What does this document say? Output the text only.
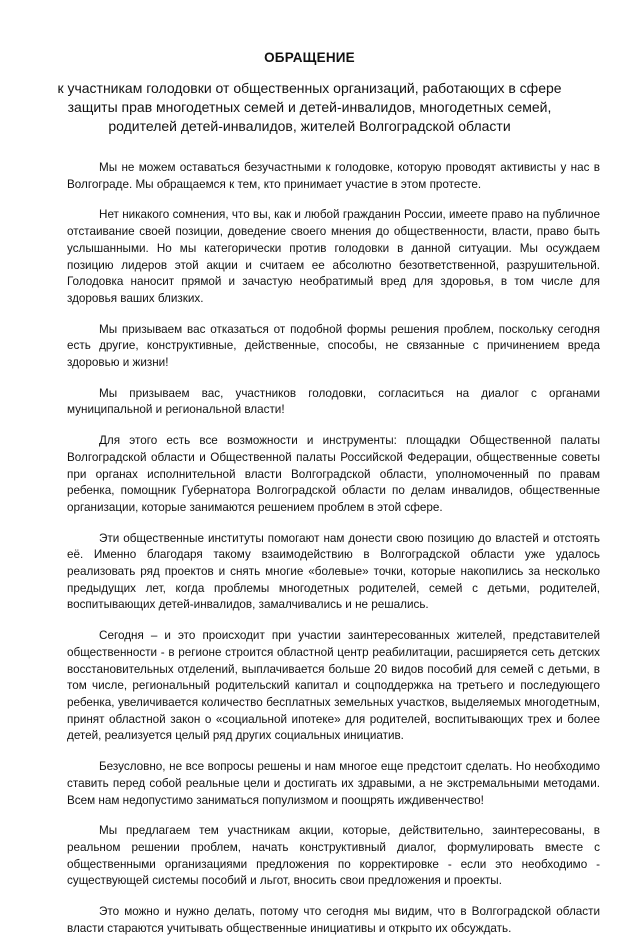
ОБРАЩЕНИЕ
к участникам голодовки от общественных организаций, работающих в сфере защиты прав многодетных семей и детей-инвалидов, многодетных семей, родителей детей-инвалидов, жителей Волгоградской области

Мы не можем оставаться безучастными к голодовке, которую проводят активисты у нас в Волгограде. Мы обращаемся к тем, кто принимает участие в этом протесте.

Нет никакого сомнения, что вы, как и любой гражданин России, имеете право на публичное отстаивание своей позиции, доведение своего мнения до общественности, власти, право быть услышанными. Но мы категорически против голодовки в данной ситуации. Мы осуждаем позицию лидеров этой акции и считаем ее абсолютно безответственной, разрушительной. Голодовка наносит прямой и зачастую необратимый вред для здоровья, в том числе для здоровья ваших близких.

Мы призываем вас отказаться от подобной формы решения проблем, поскольку сегодня есть другие, конструктивные, действенные, способы, не связанные с причинением вреда здоровью и жизни!

Мы призываем вас, участников голодовки, согласиться на диалог с органами муниципальной и региональной власти!

Для этого есть все возможности и инструменты: площадки Общественной палаты Волгоградской области и Общественной палаты Российской Федерации, общественные советы при органах исполнительной власти Волгоградской области, уполномоченный по правам ребенка, помощник Губернатора Волгоградской области по делам инвалидов, общественные организации, которые занимаются решением проблем в этой сфере.

Эти общественные институты помогают нам донести свою позицию до властей и отстоять её. Именно благодаря такому взаимодействию в Волгоградской области уже удалось реализовать ряд проектов и снять многие «болевые» точки, которые накопились за несколько предыдущих лет, когда проблемы многодетных родителей, семей с детьми, родителей, воспитывающих детей-инвалидов, замалчивались и не решались.

Сегодня – и это происходит при участии заинтересованных жителей, представителей общественности - в регионе строится областной центр реабилитации, расширяется сеть детских восстановительных отделений, выплачивается больше 20 видов пособий для семей с детьми, в том числе, региональный родительский капитал и соцподдержка на третьего и последующего ребенка, увеличивается количество бесплатных земельных участков, выделяемых многодетным, принят областной закон о «социальной ипотеке» для родителей, воспитывающих трех и более детей, реализуется целый ряд других социальных инициатив.

Безусловно, не все вопросы решены и нам многое еще предстоит сделать. Но необходимо ставить перед собой реальные цели и достигать их здравыми, а не экстремальными методами. Всем нам недопустимо заниматься популизмом и поощрять иждивенчество!

Мы предлагаем тем участникам акции, которые, действительно, заинтересованы, в реальном решении проблем, начать конструктивный диалог, формулировать вместе с общественными организациями предложения по корректировке - если это необходимо - существующей системы пособий и льгот, вносить свои предложения и проекты.

Это можно и нужно делать, потому что сегодня мы видим, что в Волгоградской области власти стараются учитывать общественные инициативы и открыто их обсуждать.
